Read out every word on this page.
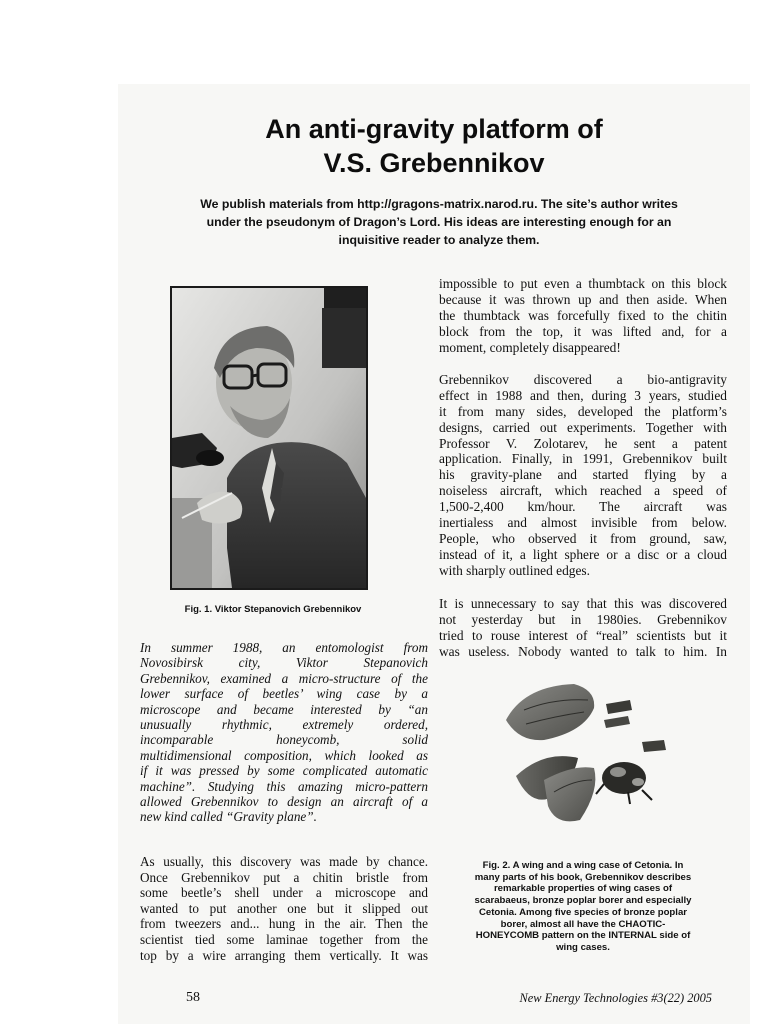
An anti-gravity platform of
V.S. Grebennikov
We publish materials from http://gragons-matrix.narod.ru. The site’s author writes
under the pseudonym of Dragon’s Lord. His ideas are interesting enough for an
inquisitive reader to analyze them.
Fig. 1. Viktor Stepanovich Grebennikov
In summer 1988, an entomologist from
Novosibirsk city, Viktor Stepanovich
Grebennikov, examined a micro-structure of the
lower surface of beetles’ wing case by a
microscope and became interested by “an
unusually rhythmic, extremely ordered,
incomparable honeycomb, solid
multidimensional composition, which looked as
if it was pressed by some complicated automatic
machine”. Studying this amazing micro-pattern
allowed Grebennikov to design an aircraft of a
new kind called “Gravity plane”.
As usually, this discovery was made by chance.
Once Grebennikov put a chitin bristle from
some beetle’s shell under a microscope and
wanted to put another one but it slipped out
from tweezers and... hung in the air. Then the
scientist tied some laminae together from the
top by a wire arranging them vertically. It was
impossible to put even a thumbtack on this block
because it was thrown up and then aside. When
the thumbtack was forcefully fixed to the chitin
block from the top, it was lifted and, for a
moment, completely disappeared!
Grebennikov discovered a bio-antigravity
effect in 1988 and then, during 3 years, studied
it from many sides, developed the platform’s
designs, carried out experiments. Together with
Professor V. Zolotarev, he sent a patent
application. Finally, in 1991, Grebennikov built
his gravity-plane and started flying by a
noiseless aircraft, which reached a speed of
1,500-2,400 km/hour. The aircraft was
inertialess and almost invisible from below.
People, who observed it from ground, saw,
instead of it, a light sphere or a disc or a cloud
with sharply outlined edges.
It is unnecessary to say that this was discovered
not yesterday but in 1980ies. Grebennikov
tried to rouse interest of “real” scientists but it
was useless. Nobody wanted to talk to him. In
Fig. 2. A wing and a wing case of Cetonia. In
many parts of his book, Grebennikov describes
remarkable properties of wing cases of
scarabaeus, bronze poplar borer and especially
Cetonia. Among five species of bronze poplar
borer, almost all have the CHAOTIC-
HONEYCOMB pattern on the INTERNAL side of
wing cases.
58	New Energy Technologies #3(22) 2005
